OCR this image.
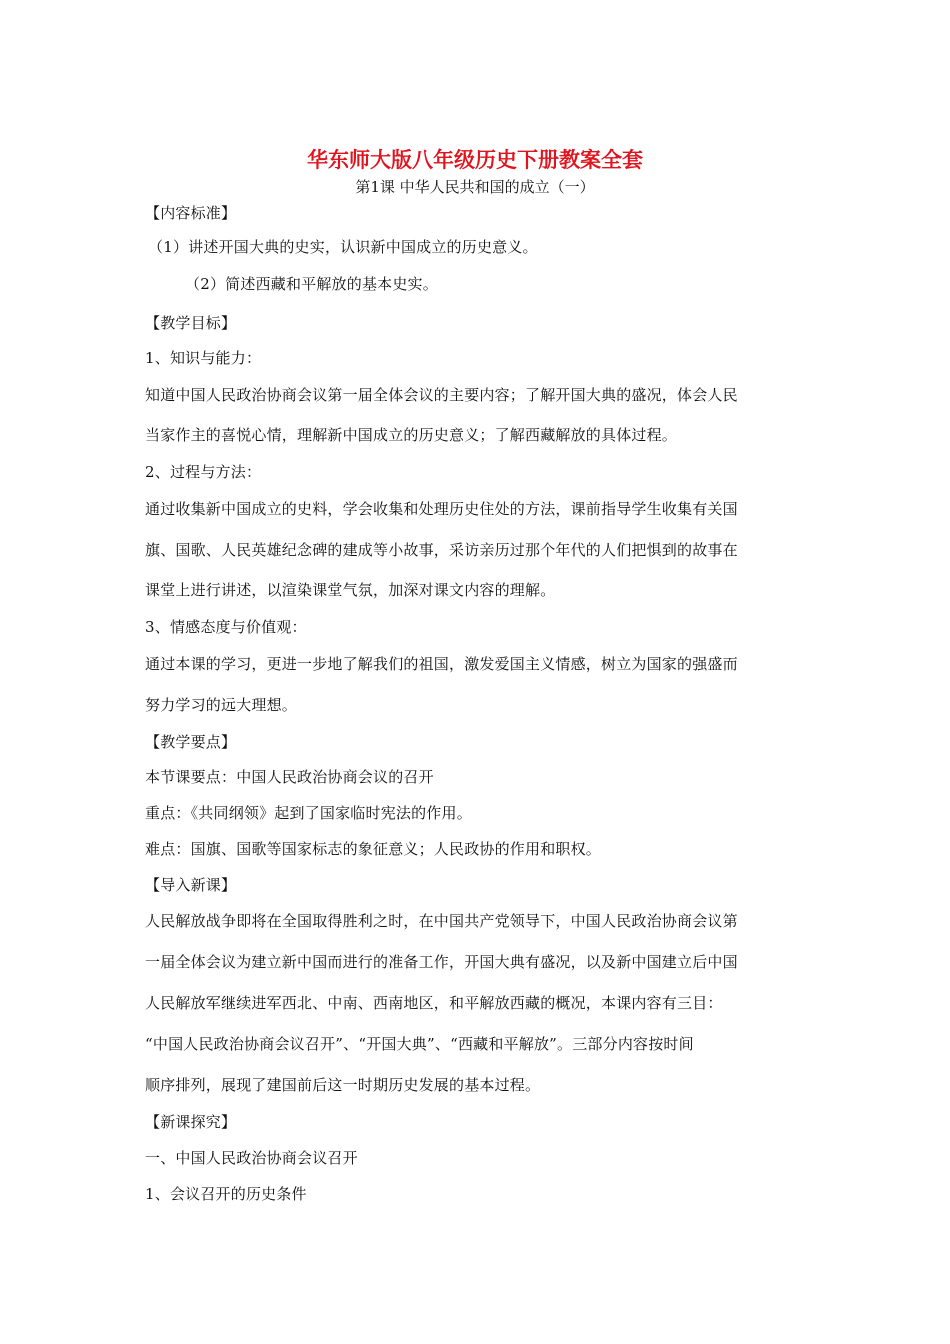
华东师大版八年级历史下册教案全套
第1课 中华人民共和国的成立（一）
【内容标准】
（1）讲述开国大典的史实，认识新中国成立的历史意义。
（2）简述西藏和平解放的基本史实。
【教学目标】
1、知识与能力：
知道中国人民政治协商会议第一届全体会议的主要内容；了解开国大典的盛况，体会人民
当家作主的喜悦心情，理解新中国成立的历史意义；了解西藏解放的具体过程。
2、过程与方法：
通过收集新中国成立的史料，学会收集和处理历史住处的方法，课前指导学生收集有关国
旗、国歌、人民英雄纪念碑的建成等小故事，采访亲历过那个年代的人们把惧到的故事在
课堂上进行讲述，以渲染课堂气氛，加深对课文内容的理解。
3、情感态度与价值观：
通过本课的学习，更进一步地了解我们的祖国，激发爱国主义情感，树立为国家的强盛而
努力学习的远大理想。
【教学要点】
本节课要点：中国人民政治协商会议的召开
重点：《共同纲领》起到了国家临时宪法的作用。
难点：国旗、国歌等国家标志的象征意义；人民政协的作用和职权。
【导入新课】
人民解放战争即将在全国取得胜利之时，在中国共产党领导下，中国人民政治协商会议第
一届全体会议为建立新中国而进行的准备工作，开国大典有盛况，以及新中国建立后中国
人民解放军继续进军西北、中南、西南地区，和平解放西藏的概况，本课内容有三目：
“中国人民政治协商会议召开”、“开国大典”、“西藏和平解放”。三部分内容按时间
顺序排列，展现了建国前后这一时期历史发展的基本过程。
【新课探究】
一、中国人民政治协商会议召开
1、会议召开的历史条件
